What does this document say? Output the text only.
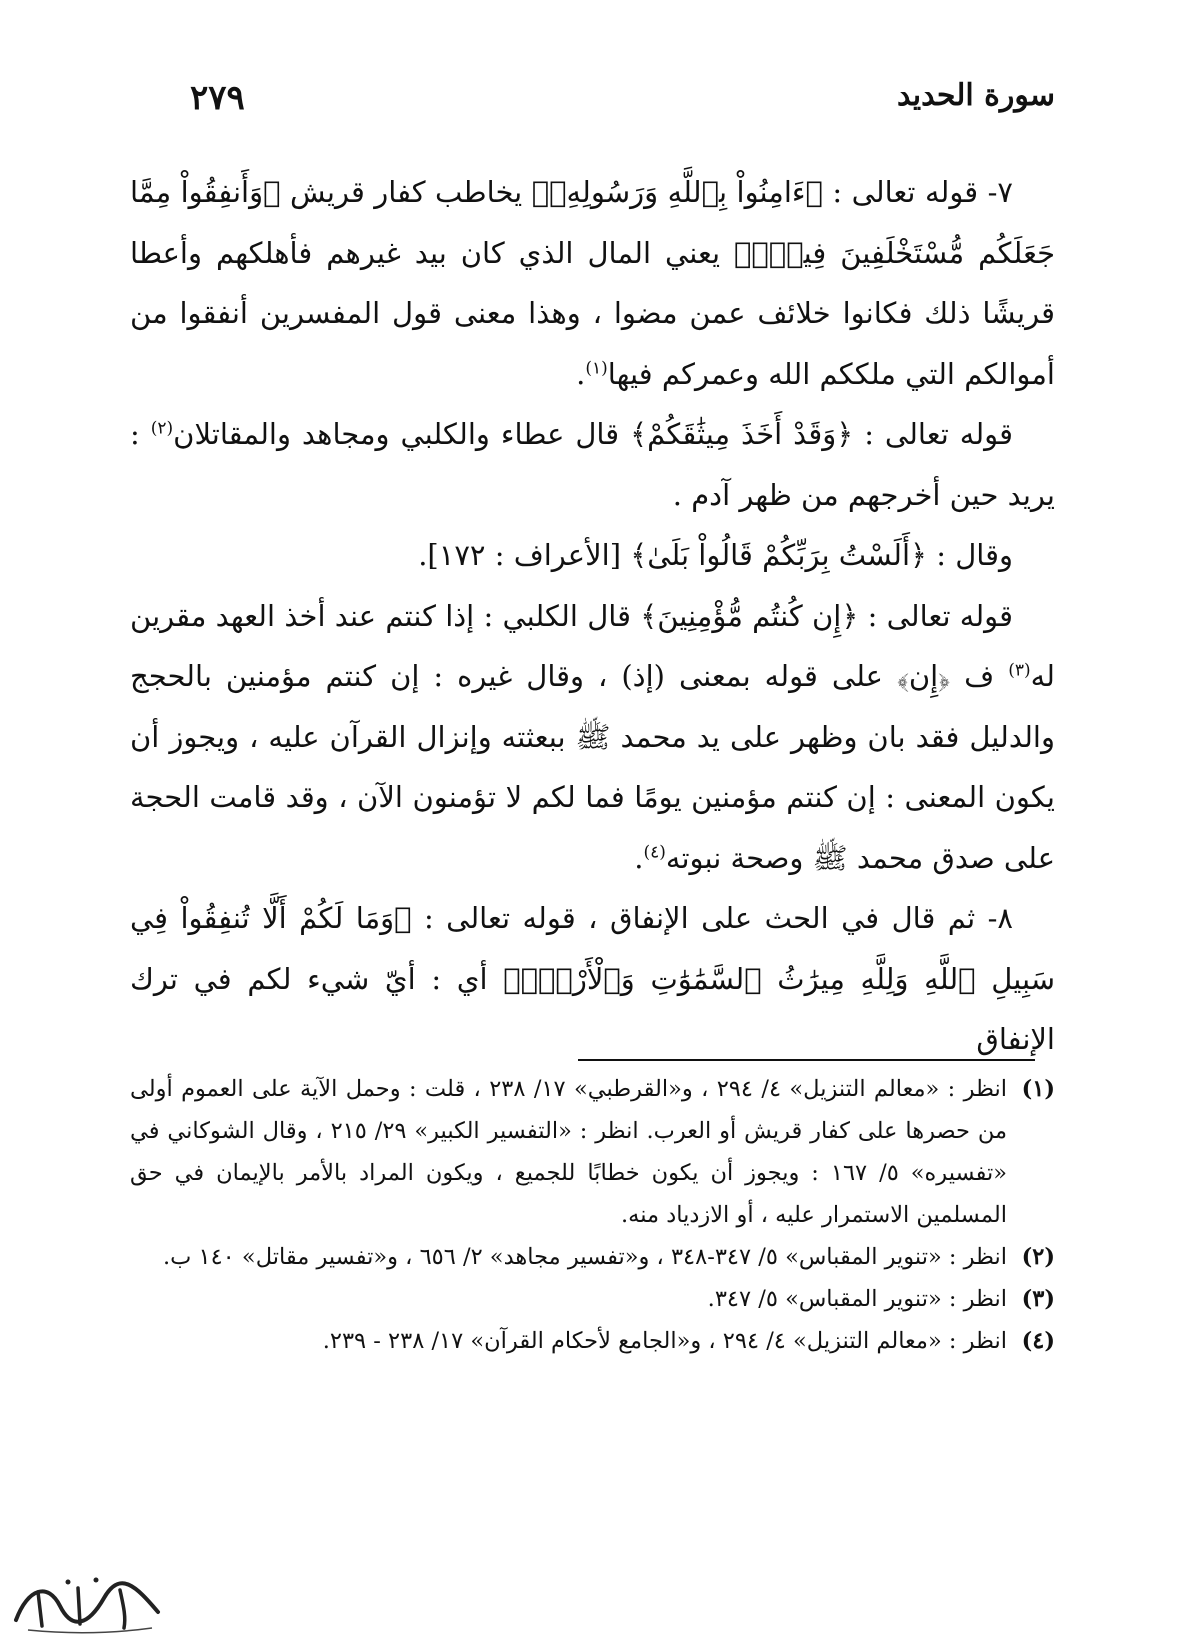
سورة الحديد
٢٧٩

٧- قوله تعالى : ﴿ءَامِنُواْ بِٱللَّهِ وَرَسُولِهِۦ﴾ يخاطب كفار قريش ﴿وَأَنفِقُواْ مِمَّا جَعَلَكُم مُّسْتَخْلَفِينَ فِيهِۖ﴾ يعني المال الذي كان بيد غيرهم فأهلكهم وأعطا قريشًا ذلك فكانوا خلائف عمن مضوا ، وهذا معنى قول المفسرين أنفقوا من أموالكم التي ملككم الله وعمركم فيها$^{(١)}$.

قوله تعالى : ﴿وَقَدْ أَخَذَ مِيثَٰقَكُمْ﴾ قال عطاء والكلبي ومجاهد والمقاتلان$^{(٢)}$ : يريد حين أخرجهم من ظهر آدم .

وقال : ﴿أَلَسْتُ بِرَبِّكُمْ قَالُواْ بَلَىٰ﴾ [الأعراف : ١٧٢].

قوله تعالى : ﴿إِن كُنتُم مُّؤْمِنِينَ﴾ قال الكلبي : إذا كنتم عند أخذ العهد مقرين له$^{(٣)}$ ف ﴿إِن﴾ على قوله بمعنى (إذ) ، وقال غيره : إن كنتم مؤمنين بالحجج والدليل فقد بان وظهر على يد محمد ﷺ ببعثته وإنزال القرآن عليه ، ويجوز أن يكون المعنى : إن كنتم مؤمنين يومًا فما لكم لا تؤمنون الآن ، وقد قامت الحجة على صدق محمد ﷺ وصحة نبوته$^{(٤)}$.

٨- ثم قال في الحث على الإنفاق ، قوله تعالى : ﴿وَمَا لَكُمْ أَلَّا تُنفِقُواْ فِي سَبِيلِ ٱللَّهِ وَلِلَّهِ مِيرَٰثُ ٱلسَّمَٰوَٰتِ وَٱلْأَرْضِۚ﴾ أي : أيّ شيء لكم في ترك الإنفاق

(١)
انظر : «معالم التنزيل» ٤/ ٢٩٤ ، و«القرطبي» ١٧/ ٢٣٨ ، قلت : وحمل الآية على العموم أولى من حصرها على كفار قريش أو العرب. انظر : «التفسير الكبير» ٢٩/ ٢١٥ ، وقال الشوكاني في «تفسيره» ٥/ ١٦٧ : ويجوز أن يكون خطابًا للجميع ، ويكون المراد بالأمر بالإيمان في حق المسلمين الاستمرار عليه ، أو الازدياد منه.
(٢)
انظر : «تنوير المقباس» ٥/ ٣٤٧-٣٤٨ ، و«تفسير مجاهد» ٢/ ٦٥٦ ، و«تفسير مقاتل» ١٤٠ ب.
(٣)
انظر : «تنوير المقباس» ٥/ ٣٤٧.
(٤)
انظر : «معالم التنزيل» ٤/ ٢٩٤ ، و«الجامع لأحكام القرآن» ١٧/ ٢٣٨ - ٢٣٩.
